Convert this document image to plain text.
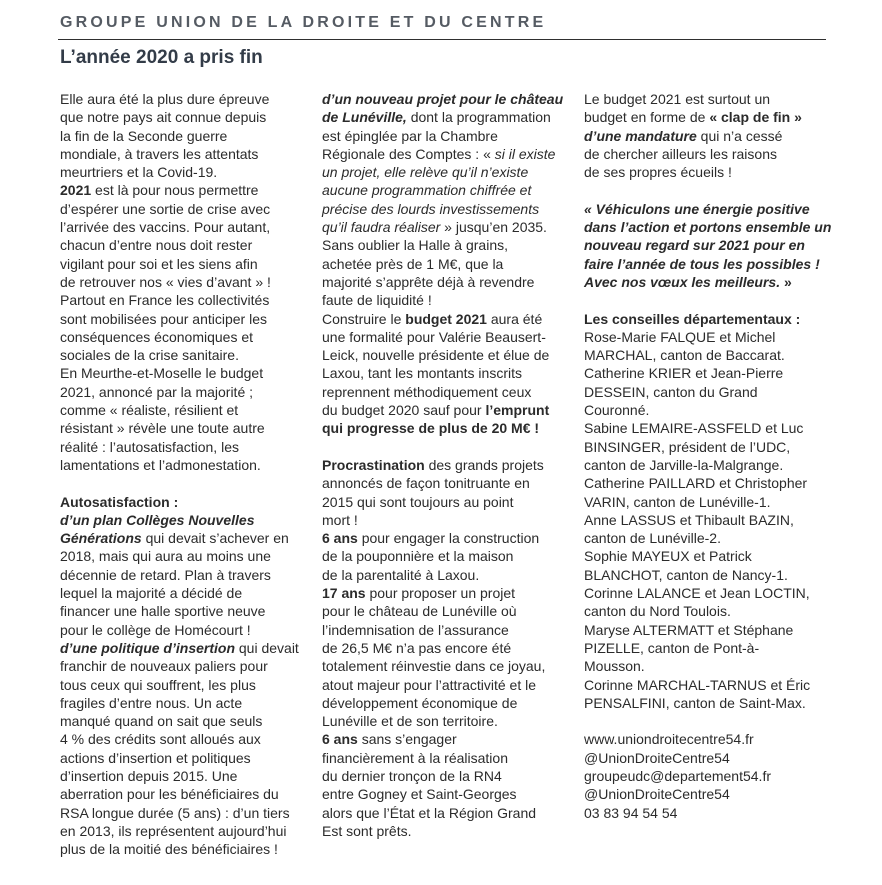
GROUPE UNION DE LA DROITE ET DU CENTRE
L’année 2020 a pris fin
Elle aura été la plus dure épreuve
que notre pays ait connue depuis
la fin de la Seconde guerre
mondiale, à travers les attentats
meurtriers et la Covid-19.
2021 est là pour nous permettre
d’espérer une sortie de crise avec
l’arrivée des vaccins. Pour autant,
chacun d’entre nous doit rester
vigilant pour soi et les siens afin
de retrouver nos « vies d’avant » !
Partout en France les collectivités
sont mobilisées pour anticiper les
conséquences économiques et
sociales de la crise sanitaire.
En Meurthe-et-Moselle le budget
2021, annoncé par la majorité ;
comme « réaliste, résilient et
résistant » révèle une toute autre
réalité : l’autosatisfaction, les
lamentations et l’admonestation.
Autosatisfaction :
d’un plan Collèges Nouvelles
Générations qui devait s’achever en
2018, mais qui aura au moins une
décennie de retard. Plan à travers
lequel la majorité a décidé de
financer une halle sportive neuve
pour le collège de Homécourt !
d’une politique d’insertion qui devait
franchir de nouveaux paliers pour
tous ceux qui souffrent, les plus
fragiles d’entre nous. Un acte
manqué quand on sait que seuls
4 % des crédits sont alloués aux
actions d’insertion et politiques
d’insertion depuis 2015. Une
aberration pour les bénéficiaires du
RSA longue durée (5 ans) : d’un tiers
en 2013, ils représentent aujourd’hui
plus de la moitié des bénéficiaires !
d’un nouveau projet pour le château
de Lunéville, dont la programmation
est épinglée par la Chambre
Régionale des Comptes : « si il existe
un projet, elle relève qu’il n’existe
aucune programmation chiffrée et
précise des lourds investissements
qu’il faudra réaliser » jusqu’en 2035.
Sans oublier la Halle à grains,
achetée près de 1 M€, que la
majorité s’apprête déjà à revendre
faute de liquidité !
Construire le budget 2021 aura été
une formalité pour Valérie Beausert-
Leick, nouvelle présidente et élue de
Laxou, tant les montants inscrits
reprennent méthodiquement ceux
du budget 2020 sauf pour l’emprunt
qui progresse de plus de 20 M€ !
Procrastination des grands projets
annoncés de façon tonitruante en
2015 qui sont toujours au point
mort !
6 ans pour engager la construction
de la pouponnière et la maison
de la parentalité à Laxou.
17 ans pour proposer un projet
pour le château de Lunéville où
l’indemnisation de l’assurance
de 26,5 M€ n’a pas encore été
totalement réinvestie dans ce joyau,
atout majeur pour l’attractivité et le
développement économique de
Lunéville et de son territoire.
6 ans sans s’engager
financièrement à la réalisation
du dernier tronçon de la RN4
entre Gogney et Saint-Georges
alors que l’État et la Région Grand
Est sont prêts.
Le budget 2021 est surtout un
budget en forme de « clap de fin »
d’une mandature qui n’a cessé
de chercher ailleurs les raisons
de ses propres écueils !
« Véhiculons une énergie positive
dans l’action et portons ensemble un
nouveau regard sur 2021 pour en
faire l’année de tous les possibles !
Avec nos vœux les meilleurs. »
Les conseilles départementaux :
Rose-Marie FALQUE et Michel
MARCHAL, canton de Baccarat.
Catherine KRIER et Jean-Pierre
DESSEIN, canton du Grand
Couronné.
Sabine LEMAIRE-ASSFELD et Luc
BINSINGER, président de l’UDC,
canton de Jarville-la-Malgrange.
Catherine PAILLARD et Christopher
VARIN, canton de Lunéville-1.
Anne LASSUS et Thibault BAZIN,
canton de Lunéville-2.
Sophie MAYEUX et Patrick
BLANCHOT, canton de Nancy-1.
Corinne LALANCE et Jean LOCTIN,
canton du Nord Toulois.
Maryse ALTERMATT et Stéphane
PIZELLE, canton de Pont-à-
Mousson.
Corinne MARCHAL-TARNUS et Éric
PENSALFINI, canton de Saint-Max.
www.uniondroitecentre54.fr
@UnionDroiteCentre54
groupeudc@departement54.fr
@UnionDroiteCentre54
03 83 94 54 54
